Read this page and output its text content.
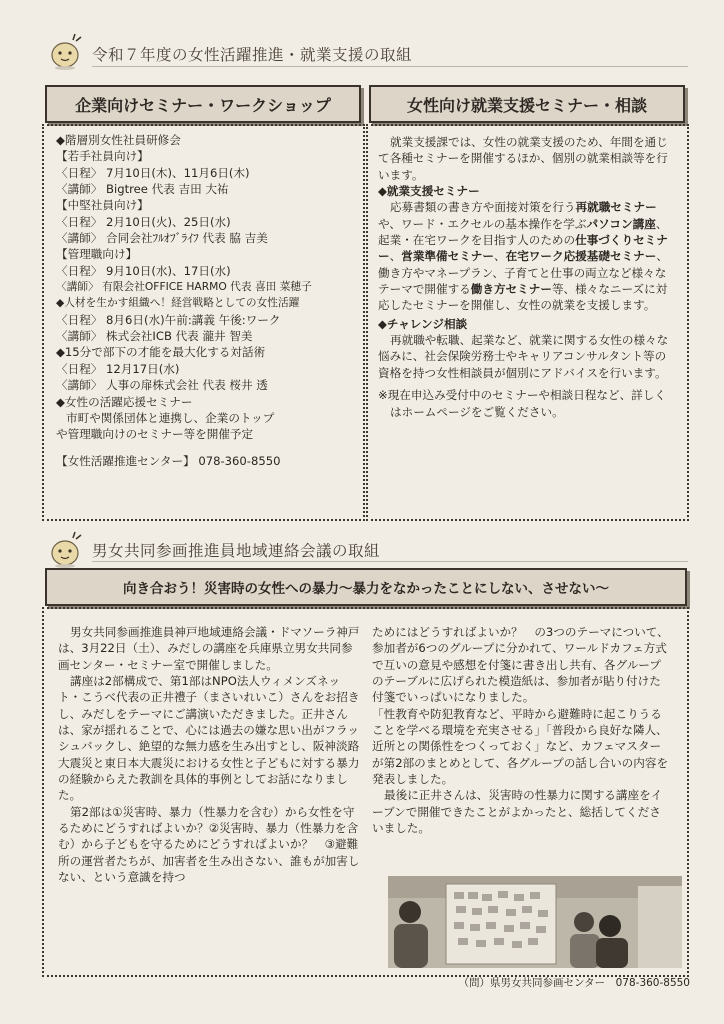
令和７年度の女性活躍推進・就業支援の取組
企業向けセミナー・ワークショップ	女性向け就業支援セミナー・相談
◆階層別女性社員研修会
【若手社員向け】
〈日程〉 7月10日(木)、11月6日(木)
〈講師〉 Bigtree 代表 吉田 大祐
【中堅社員向け】
〈日程〉 2月10日(火)、25日(水)
〈講師〉 合同会社ﾌﾙｵﾌﾞﾗｲﾌ 代表 脇 吉美
【管理職向け】
〈日程〉 9月10日(水)、17日(水)
〈講師〉 有限会社OFFICE HARMO 代表 喜田 菜穂子
◆人材を生かす組織へ！経営戦略としての女性活躍
〈日程〉 8月6日(水)午前:講義 午後:ワーク
〈講師〉 株式会社ICB 代表 瀧井 智美
◆15分で部下の才能を最大化する対話術
〈日程〉 12月17日(水)
〈講師〉 人事の扉株式会社 代表 桜井 透
◆女性の活躍応援セミナー
市町や関係団体と連携し、企業のトップ
や管理職向けのセミナー等を開催予定
【女性活躍推進センター】 078-360-8550
就業支援課では、女性の就業支援のため、年間を通じて各種セミナーを開催するほか、個別の就業相談等を行います。
◆就業支援セミナー
応募書類の書き方や面接対策を行う再就職セミナーや、ワード・エクセルの基本操作を学ぶパソコン講座、起業・在宅ワークを目指す人のための仕事づくりセミナー、営業準備セミナー、在宅ワーク応援基礎セミナー、働き方やマネープラン、子育てと仕事の両立など様々なテーマで開催する働き方セミナー等、様々なニーズに対応したセミナーを開催し、女性の就業を支援します。
◆チャレンジ相談
再就職や転職、起業など、就業に関する女性の様々な悩みに、社会保険労務士やキャリアコンサルタント等の資格を持つ女性相談員が個別にアドバイスを行います。
※現在申込み受付中のセミナーや相談日程など、詳しくはホームページをご覧ください。
男女共同参画推進員地域連絡会議の取組
向き合おう！災害時の女性への暴力～暴力をなかったことにしない、させない～
男女共同参画推進員神戸地域連絡会議・ドマソーラ神戸は、3月22日（土）、みだしの講座を兵庫県立男女共同参画センター・セミナー室で開催しました。
講座は2部構成で、第1部はNPO法人ウィメンズネット・こうべ代表の正井禮子（まさいれいこ）さんをお招きし、みだしをテーマにご講演いただきました。正井さんは、家が揺れることで、心には過去の嫌な思い出がフラッシュバックし、絶望的な無力感を生み出すとし、阪神淡路大震災と東日本大震災における女性と子どもに対する暴力の経験からえた教訓を具体的事例としてお話になりました。
第2部は①災害時、暴力（性暴力を含む）から女性を守るためにどうすればよいか？②災害時、暴力（性暴力を含む）から子どもを守るためにどうすればよいか？　③避難所の運営者たちが、加害者を生み出さない、誰もが加害しない、という意識を持つ
ためにはどうすればよいか？　の3つのテーマについて、参加者が6つのグループに分かれて、ワールドカフェ方式で互いの意見や感想を付箋に書き出し共有、各グループのテーブルに広げられた模造紙は、参加者が貼り付けた付箋でいっぱいになりました。
「性教育や防犯教育など、平時から避難時に起こりうることを学べる環境を充実させる」「普段から良好な隣人、近所との関係性をつくっておく」など、カフェマスターが第2部のまとめとして、各グループの話し合いの内容を発表しました。
最後に正井さんは、災害時の性暴力に関する講座をイーブンで開催できたことがよかったと、総括してくださいました。
（問）県男女共同参画センター　078-360-8550
